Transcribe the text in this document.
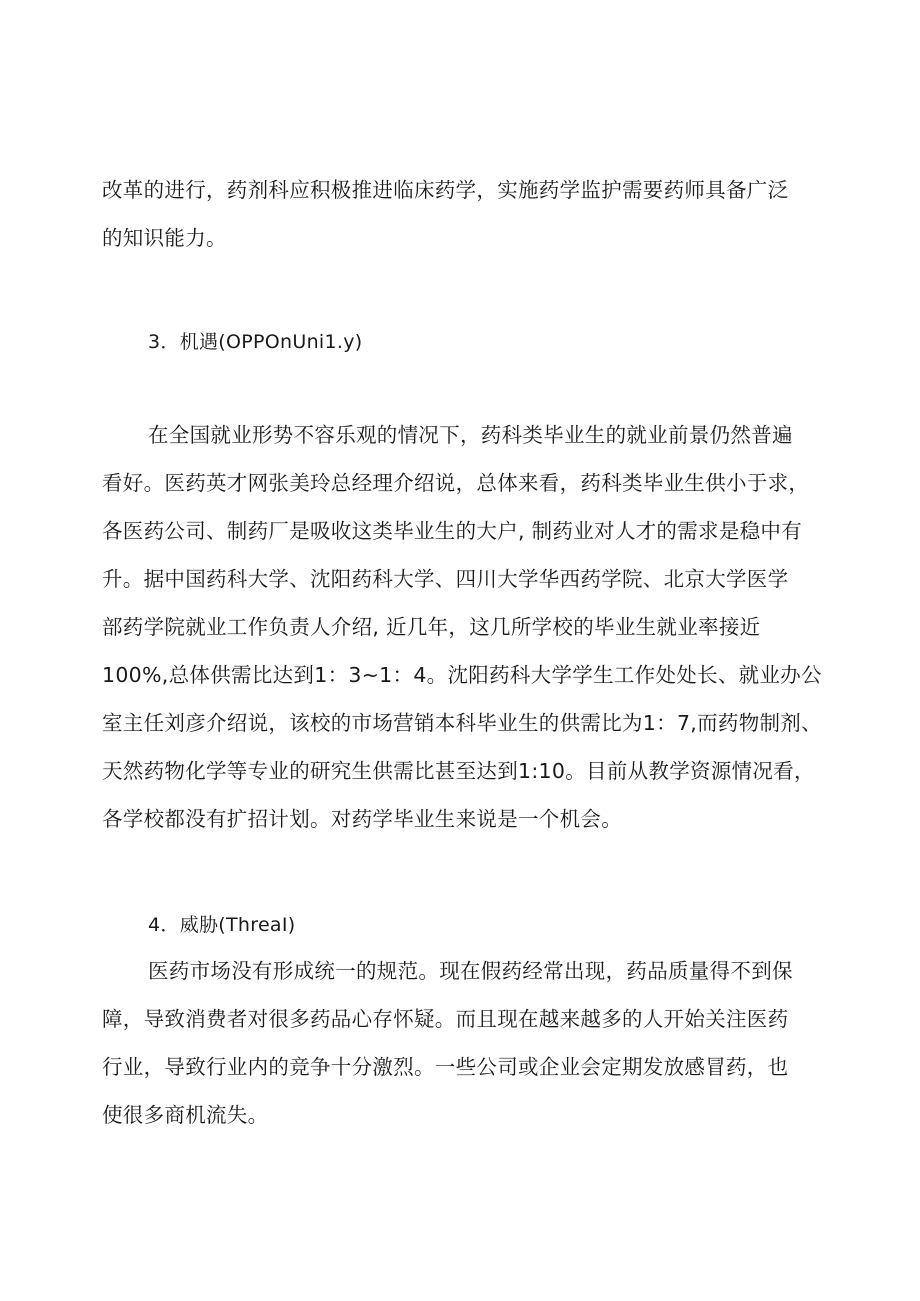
改革的进行，药剂科应积极推进临床药学，实施药学监护需要药师具备广泛
的知识能力。
3．机遇(OPPOnUni1.y)
在全国就业形势不容乐观的情况下，药科类毕业生的就业前景仍然普遍
看好。医药英才网张美玲总经理介绍说，总体来看，药科类毕业生供小于求，
各医药公司、制药厂是吸收这类毕业生的大户, 制药业对人才的需求是稳中有
升。据中国药科大学、沈阳药科大学、四川大学华西药学院、北京大学医学
部药学院就业工作负责人介绍, 近几年，这几所学校的毕业生就业率接近
100%,总体供需比达到1：3~1：4。沈阳药科大学学生工作处处长、就业办公
室主任刘彦介绍说，该校的市场营销本科毕业生的供需比为1：7,而药物制剂、
天然药物化学等专业的研究生供需比甚至达到1:10。目前从教学资源情况看，
各学校都没有扩招计划。对药学毕业生来说是一个机会。
4．威胁(ThreaI)
医药市场没有形成统一的规范。现在假药经常出现，药品质量得不到保
障，导致消费者对很多药品心存怀疑。而且现在越来越多的人开始关注医药
行业，导致行业内的竞争十分激烈。一些公司或企业会定期发放感冒药，也
使很多商机流失。
